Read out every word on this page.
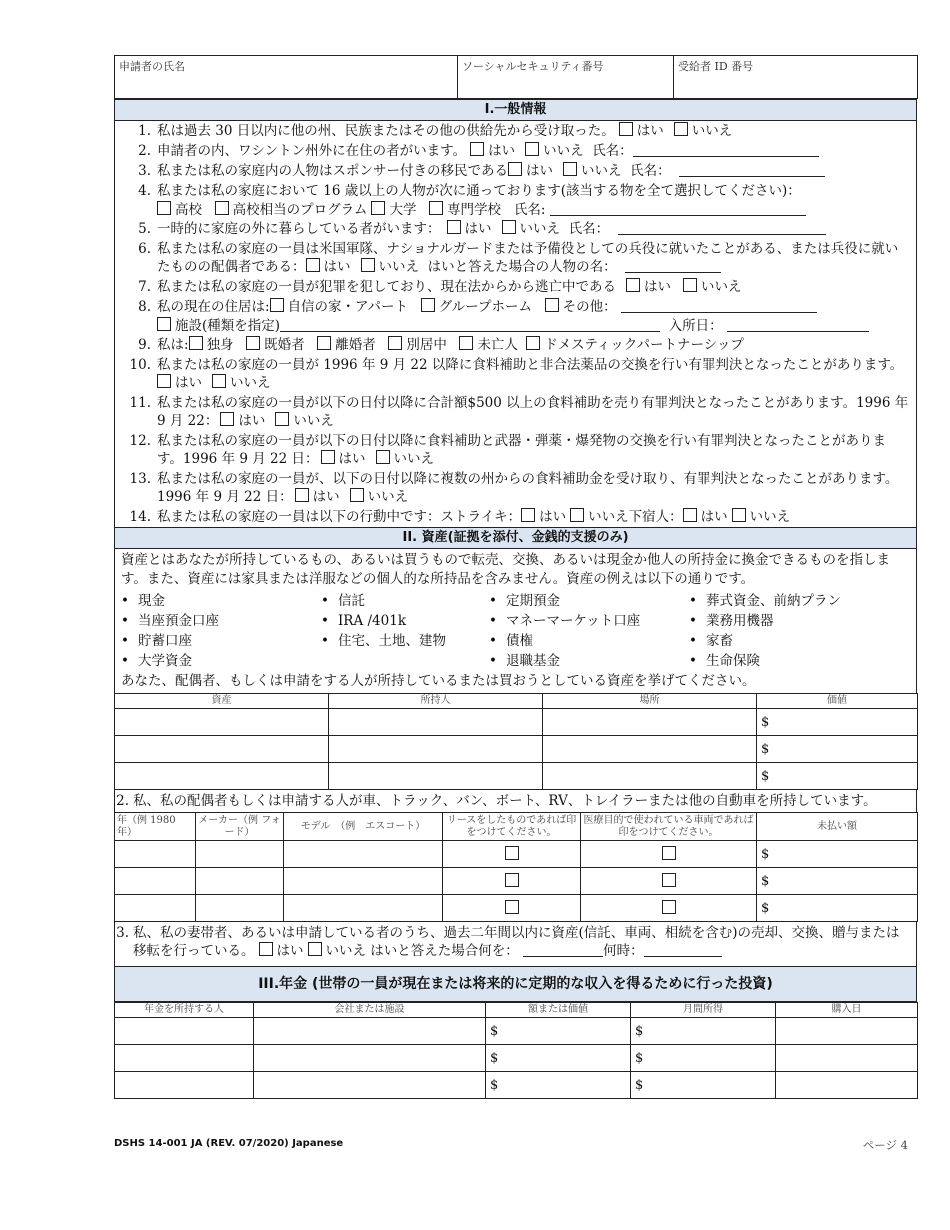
申請者の氏名	ソーシャルセキュリティ番号	受給者 ID 番号
I.一般情報
1. 私は過去 30 日以内に他の州、民族またはその他の供給先から受け取った。 はい いいえ
2. 申請者の内、ワシントン州外に在住の者がいます。 はい いいえ 氏名：
3. 私または私の家庭内の人物はスポンサー付きの移民である はい いいえ 氏名：
4. 私または私の家庭において 16 歳以上の人物が次に通っております(該当する物を全て選択してください)：
高校 高校相当のプログラム 大学 専門学校 氏名:
5. 一時的に家庭の外に暮らしている者がいます： はい いいえ 氏名：
6. 私または私の家庭の一員は米国軍隊、ナショナルガードまたは予備役としての兵役に就いたことがある、または兵役に就いたものの配偶者である： はい いいえ はいと答えた場合の人物の名：
7. 私または私の家庭の一員が犯罪を犯しており、現在法からから逃亡中である はい いいえ
8. 私の現在の住居は: 自信の家・アパート グループホーム その他：
施設(種類を指定)	入所日：
9. 私は: 独身 既婚者 離婚者 別居中 未亡人 ドメスティックパートナーシップ
10. 私または私の家庭の一員が 1996 年 9 月 22 以降に食料補助と非合法薬品の交換を行い有罪判決となったことがあります。はい いいえ
11. 私または私の家庭の一員が以下の日付以降に合計額$500 以上の食料補助を売り有罪判決となったことがあります。1996 年 9 月 22： はい いいえ
12. 私または私の家庭の一員が以下の日付以降に食料補助と武器・弾薬・爆発物の交換を行い有罪判決となったことがあります。1996 年 9 月 22 日： はい いいえ
13. 私または私の家庭の一員が、以下の日付以降に複数の州からの食料補助金を受け取り、有罪判決となったことがあります。1996 年 9 月 22 日： はい いいえ
14. 私または私の家庭の一員は以下の行動中です：ストライキ： はい いいえ下宿人： はい いいえ
II. 資産(証拠を添付、金銭的支援のみ)
資産とはあなたが所持しているもの、あるいは買うもので転売、交換、あるいは現金か他人の所持金に換金できるものを指します。また、資産には家具または洋服などの個人的な所持品を含みません。資産の例えは以下の通りです。
• 現金	• 信託	• 定期預金	• 葬式資金、前納プラン
• 当座預金口座	• IRA /401k	• マネーマーケット口座	• 業務用機器
• 貯蓄口座	• 住宅、土地、建物	• 債権	• 家畜
• 大学資金	• 退職基金	• 生命保険
あなた、配偶者、もしくは申請をする人が所持しているまたは買おうとしている資産を挙げてください。
資産	所持人	場所	価値
			$
			$
			$
2. 私、私の配偶者もしくは申請する人が車、トラック、バン、ボート、RV、トレイラーまたは他の自動車を所持しています。
年（例 1980 年）	メーカー（例 フォード）	モデル　（例　エスコート）	リースをしたものであれば印をつけてください。	医療目的で使われている車両であれば印をつけてください。	未払い額
					$
					$
					$
3. 私、私の妻帯者、あるいは申請している者のうち、過去二年間以内に資産(信託、車両、相続を含む)の売却、交換、贈与または移転を行っている。 はい いいえ はいと答えた場合何を：	何時：
III.年金 (世帯の一員が現在または将来的に定期的な収入を得るために行った投資)
年金を所持する人	会社または施設	額または価値	月間所得	購入日
		$	$	
		$	$	
		$	$	
DSHS 14-001 JA (REV. 07/2020) Japanese	ページ 4
